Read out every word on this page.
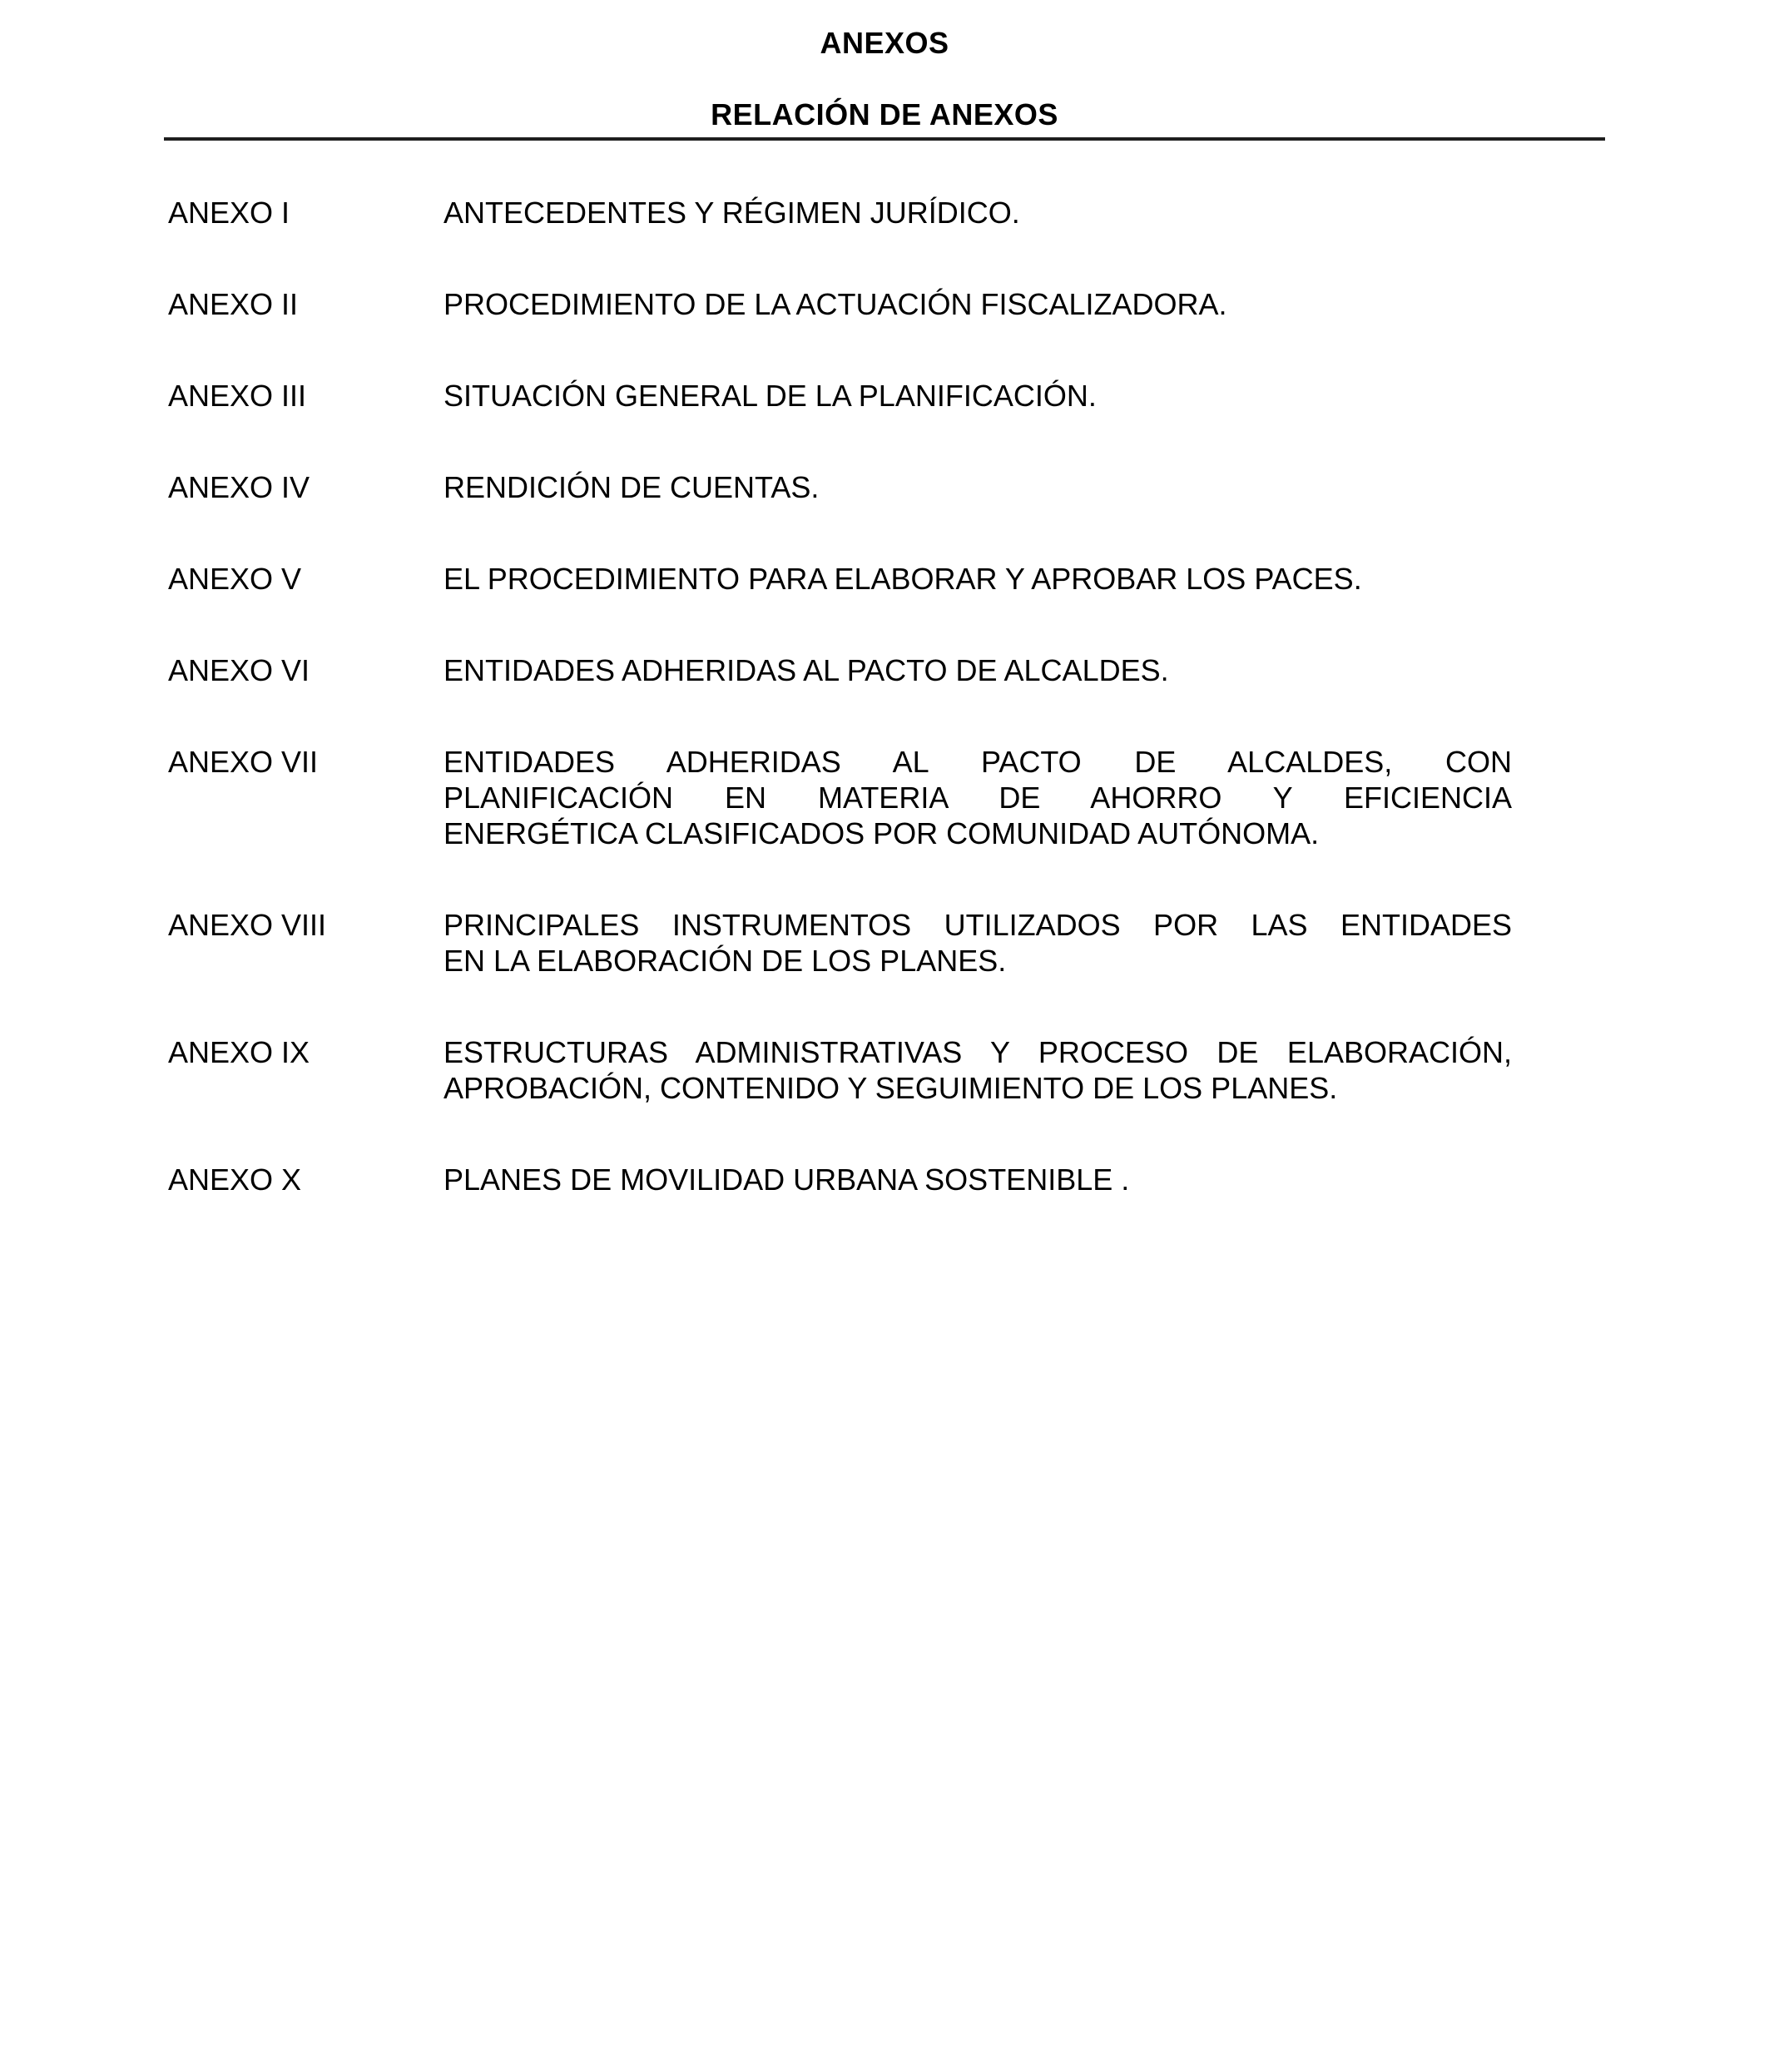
ANEXOS
RELACIÓN DE ANEXOS
ANEXO I	ANTECEDENTES Y RÉGIMEN JURÍDICO.
ANEXO II	PROCEDIMIENTO DE LA ACTUACIÓN FISCALIZADORA.
ANEXO III	SITUACIÓN GENERAL DE LA PLANIFICACIÓN.
ANEXO IV	RENDICIÓN DE CUENTAS.
ANEXO V	EL PROCEDIMIENTO PARA ELABORAR Y APROBAR LOS PACES.
ANEXO VI	ENTIDADES ADHERIDAS AL PACTO DE ALCALDES.
ANEXO VII	ENTIDADES ADHERIDAS AL PACTO DE ALCALDES, CON
PLANIFICACIÓN EN MATERIA DE AHORRO Y EFICIENCIA
ENERGÉTICA CLASIFICADOS POR COMUNIDAD AUTÓNOMA.
ANEXO VIII	PRINCIPALES INSTRUMENTOS UTILIZADOS POR LAS ENTIDADES
EN LA ELABORACIÓN DE LOS PLANES.
ANEXO IX	ESTRUCTURAS ADMINISTRATIVAS Y PROCESO DE ELABORACIÓN,
APROBACIÓN, CONTENIDO Y SEGUIMIENTO DE LOS PLANES.
ANEXO X	PLANES DE MOVILIDAD URBANA SOSTENIBLE .
